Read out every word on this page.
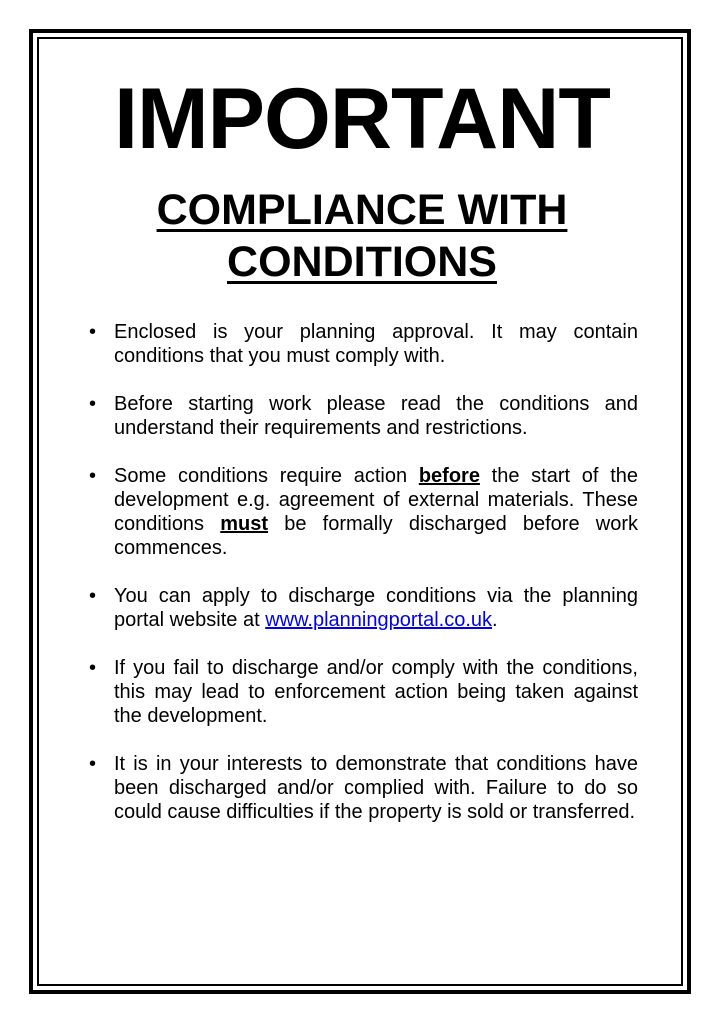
IMPORTANT
COMPLIANCE WITH
CONDITIONS
• Enclosed is your planning approval. It may contain conditions that you must comply with.
• Before starting work please read the conditions and understand their requirements and restrictions.
• Some conditions require action before the start of the development e.g. agreement of external materials. These conditions must be formally discharged before work commences.
• You can apply to discharge conditions via the planning portal website at www.planningportal.co.uk.
• If you fail to discharge and/or comply with the conditions, this may lead to enforcement action being taken against the development.
• It is in your interests to demonstrate that conditions have been discharged and/or complied with. Failure to do so could cause difficulties if the property is sold or transferred.
